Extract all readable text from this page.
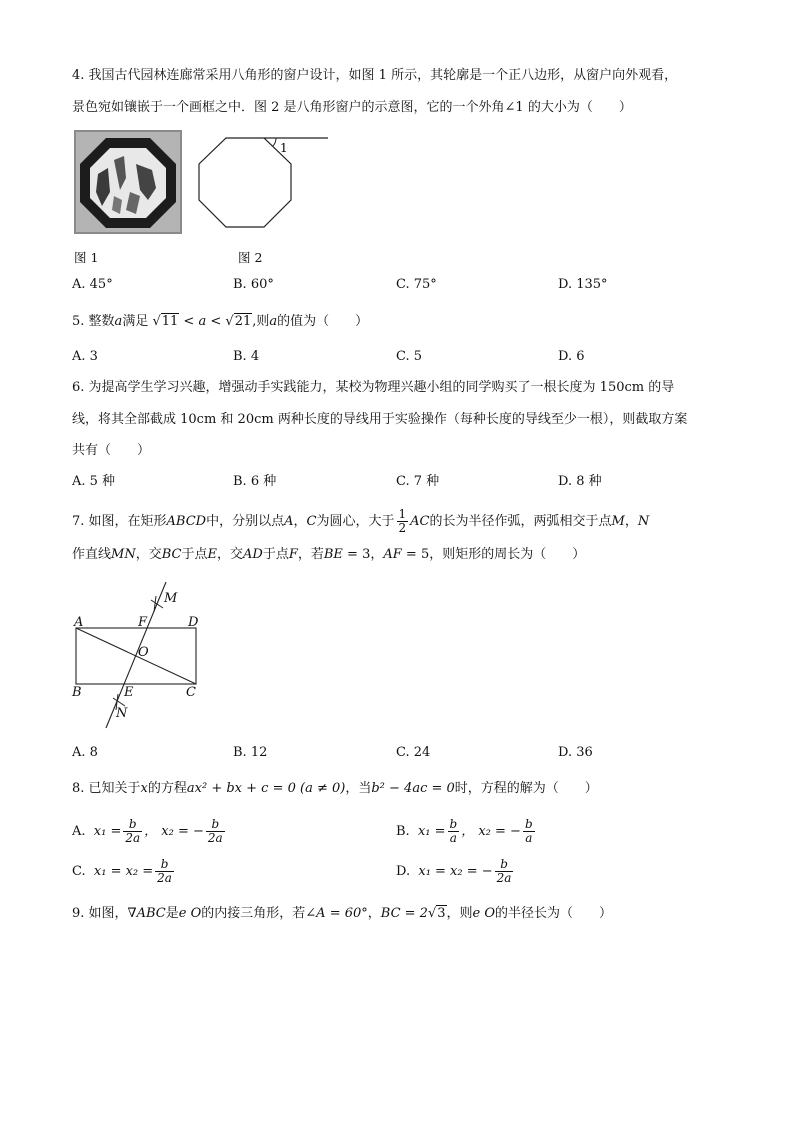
4. 我国古代园林连廊常采用八角形的窗户设计，如图 1 所示，其轮廓是一个正八边形，从窗户向外观看，
景色宛如镶嵌于一个画框之中．图 2 是八角形窗户的示意图，它的一个外角∠1 的大小为（　　）
1
图 1	图 2
A. 45°	B. 60°	C. 75°	D. 135°
5. 整数a满足 √11 < a < √21,则a的值为（　　）
A. 3	B. 4	C. 5	D. 6
6. 为提高学生学习兴趣，增强动手实践能力，某校为物理兴趣小组的同学购买了一根长度为 150cm 的导
线，将其全部截成 10cm 和 20cm 两种长度的导线用于实验操作（每种长度的导线至少一根），则截取方案
共有（　　）
A. 5 种	B. 6 种	C. 7 种	D. 8 种
7. 如图，在矩形ABCD中，分别以点A，C为圆心，大于 $\frac{1}{2}$ AC的长为半径作弧，两弧相交于点M，N
作直线MN，交BC于点E，交AD于点F，若BE = 3，AF = 5，则矩形的周长为（　　）
A	F	D
M
O
B	E	C
N
A. 8	B. 12	C. 24	D. 36
8. 已知关于x的方程ax² + bx + c = 0 (a ≠ 0)，当b² − 4ac = 0时，方程的解为（　　）
A. $x_1 = \frac{b}{2a}$ ， x₂ = − $\frac{b}{2a}$	B. $x_1 = \frac{b}{a}$ ， x₂ = − $\frac{b}{a}$
C. $x_1 = x_2 = \frac{b}{2a}$	D. x₁ = x₂ = − $\frac{b}{2a}$
9. 如图，∇ABC是e O的内接三角形，若∠A = 60°，BC = 2√3，则e O的半径长为（　　）
